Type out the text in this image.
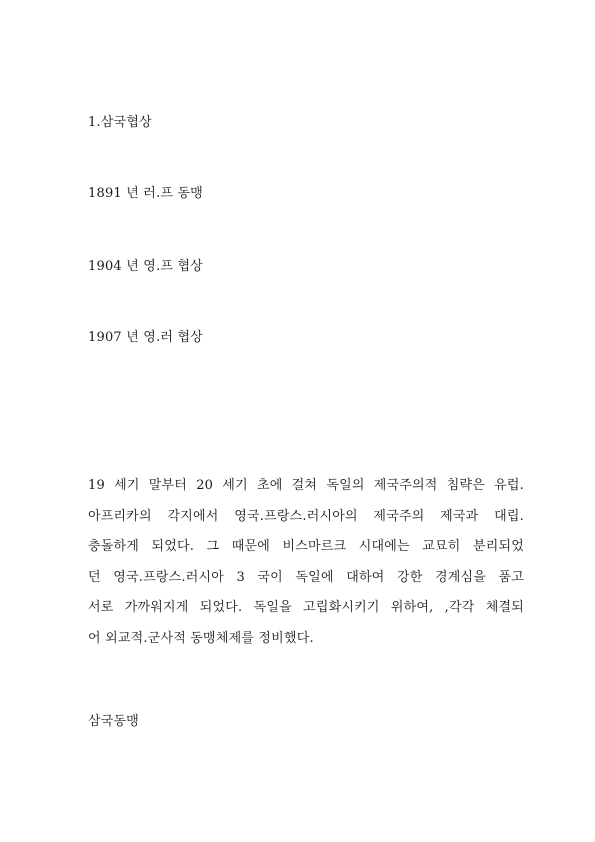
1.삼국협상
1891 년 러.프 동맹
1904 년 영.프 협상
1907 년 영.러 협상
19 세기 말부터 20 세기 초에 걸쳐 독일의 제국주의적 침략은 유럽.
아프리카의 각지에서 영국.프랑스.러시아의 제국주의 제국과 대립.
충돌하게 되었다. 그 때문에 비스마르크 시대에는 교묘히 분리되었
던 영국.프랑스.러시아 3 국이 독일에 대하여 강한 경계심을 품고
서로 가까워지게 되었다. 독일을 고립화시키기 위하여, ,각각 체결되
어 외교적.군사적 동맹체제를 정비했다.
삼국동맹
